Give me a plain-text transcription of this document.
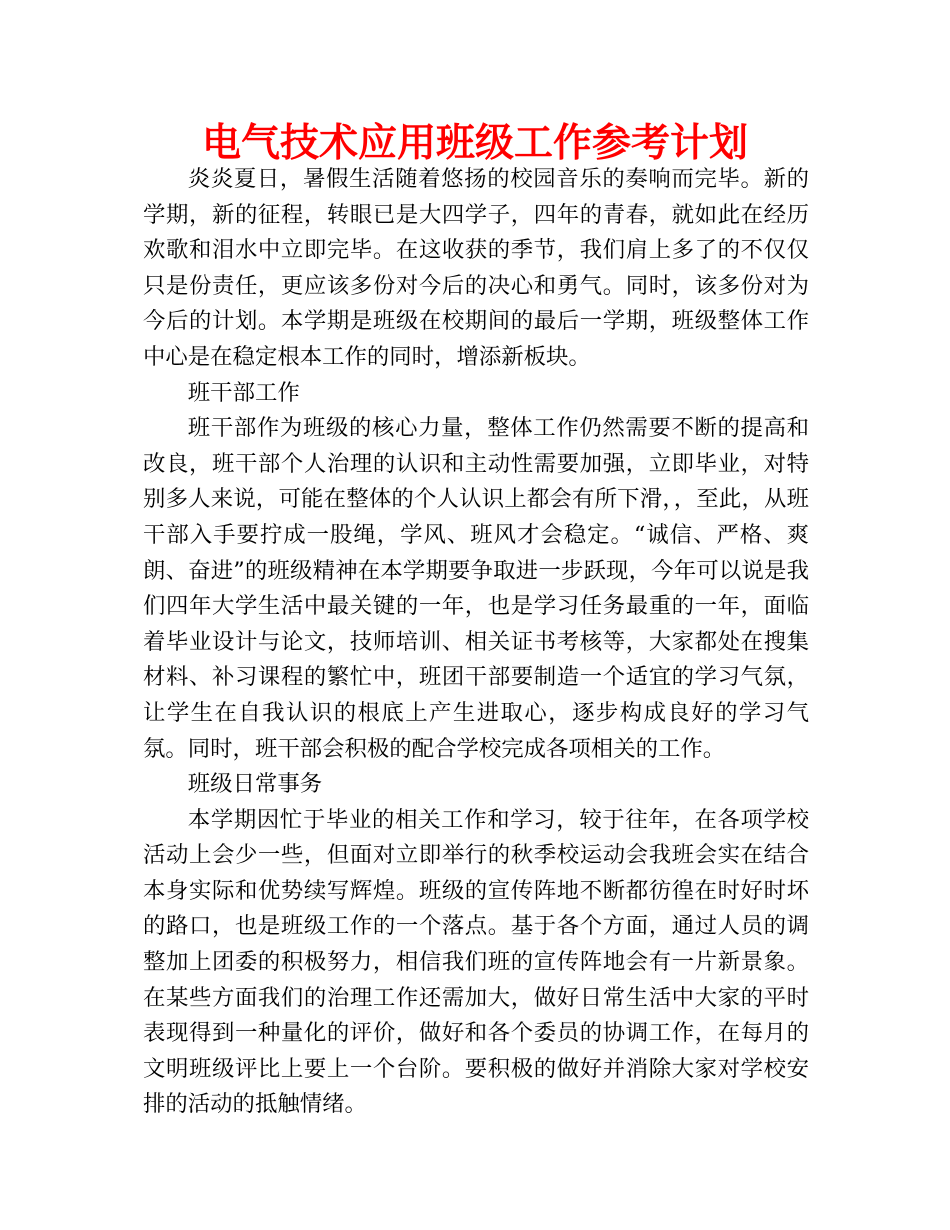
电气技术应用班级工作参考计划

炎炎夏日，暑假生活随着悠扬的校园音乐的奏响而完毕。新的学期，新的征程，转眼已是大四学子，四年的青春，就如此在经历欢歌和泪水中立即完毕。在这收获的季节，我们肩上多了的不仅仅只是份责任，更应该多份对今后的决心和勇气。同时，该多份对为今后的计划。本学期是班级在校期间的最后一学期，班级整体工作中心是在稳定根本工作的同时，增添新板块。

班干部工作

班干部作为班级的核心力量，整体工作仍然需要不断的提高和改良，班干部个人治理的认识和主动性需要加强，立即毕业，对特别多人来说，可能在整体的个人认识上都会有所下滑，，至此，从班干部入手要拧成一股绳，学风、班风才会稳定。“诚信、严格、爽朗、奋进”的班级精神在本学期要争取进一步跃现，今年可以说是我们四年大学生活中最关键的一年，也是学习任务最重的一年，面临着毕业设计与论文，技师培训、相关证书考核等，大家都处在搜集材料、补习课程的繁忙中，班团干部要制造一个适宜的学习气氛，让学生在自我认识的根底上产生进取心，逐步构成良好的学习气氛。同时，班干部会积极的配合学校完成各项相关的工作。

班级日常事务

本学期因忙于毕业的相关工作和学习，较于往年，在各项学校活动上会少一些，但面对立即举行的秋季校运动会我班会实在结合本身实际和优势续写辉煌。班级的宣传阵地不断都彷徨在时好时坏的路口，也是班级工作的一个落点。基于各个方面，通过人员的调整加上团委的积极努力，相信我们班的宣传阵地会有一片新景象。在某些方面我们的治理工作还需加大，做好日常生活中大家的平时表现得到一种量化的评价，做好和各个委员的协调工作，在每月的文明班级评比上要上一个台阶。要积极的做好并消除大家对学校安排的活动的抵触情绪。
